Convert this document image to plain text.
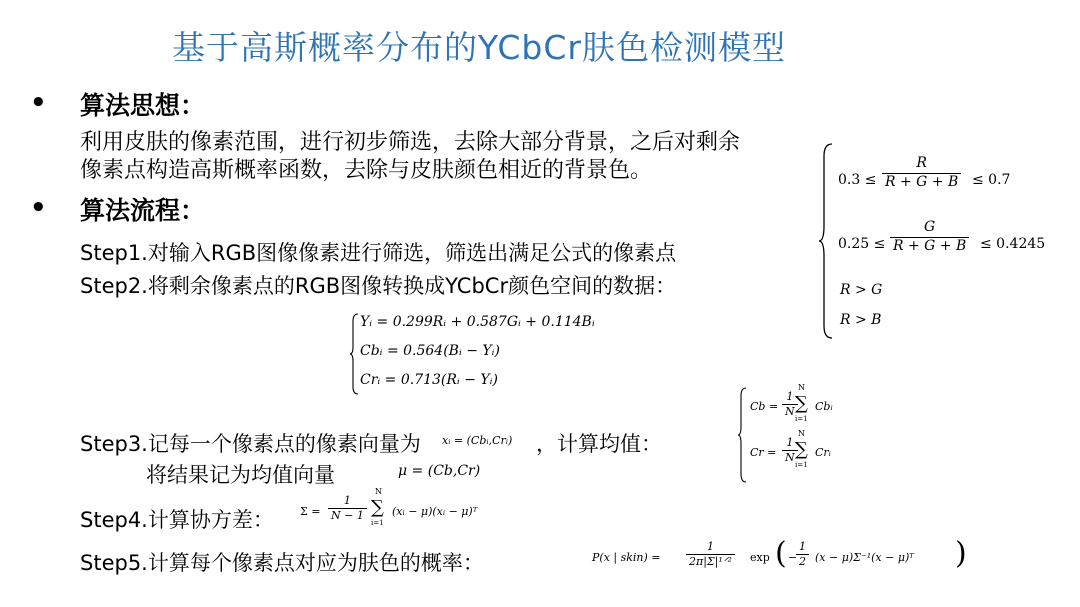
基于高斯概率分布的YCbCr肤色检测模型
• 算法思想：
利用皮肤的像素范围，进行初步筛选，去除大部分背景，之后对剩余
像素点构造高斯概率函数，去除与皮肤颜色相近的背景色。
• 算法流程：
Step1.对输入RGB图像像素进行筛选，筛选出满足公式的像素点
Step2.将剩余像素点的RGB图像转换成YCbCr颜色空间的数据：
$0.3 \le \frac{R}{R + G + B} \le 0.7$
$0.25 \le \frac{G}{R + G + B} \le 0.4245$
R > G
R > B
Yᵢ = 0.299Rᵢ + 0.587Gᵢ + 0.114Bᵢ
Cbᵢ = 0.564(Bᵢ − Yᵢ)
Crᵢ = 0.713(Rᵢ − Yᵢ)
Step3.记每一个像素点的像素向量为 xᵢ = (Cbᵢ,Crᵢ) ，计算均值：
$Cb = \frac{1}{N}$
N
∑
i=1
Cbᵢ
$Cr = \frac{1}{N}$
N
∑
i=1
Crᵢ
将结果记为均值向量	μ = (Cb,Cr)
Step4.计算协方差： $\Sigma = \frac{1}{N - 1}$
N
∑
i=1
(xᵢ − μ)(xᵢ − μ)ᵀ
Step5.计算每个像素点对应为肤色的概率：	P(x | skin) =
1
2π|Σ|¹ᐟ² exp ( −
$\frac{1}{2} (x - \mu)\Sigma^{-1}(x$ − μ)ᵀ )
